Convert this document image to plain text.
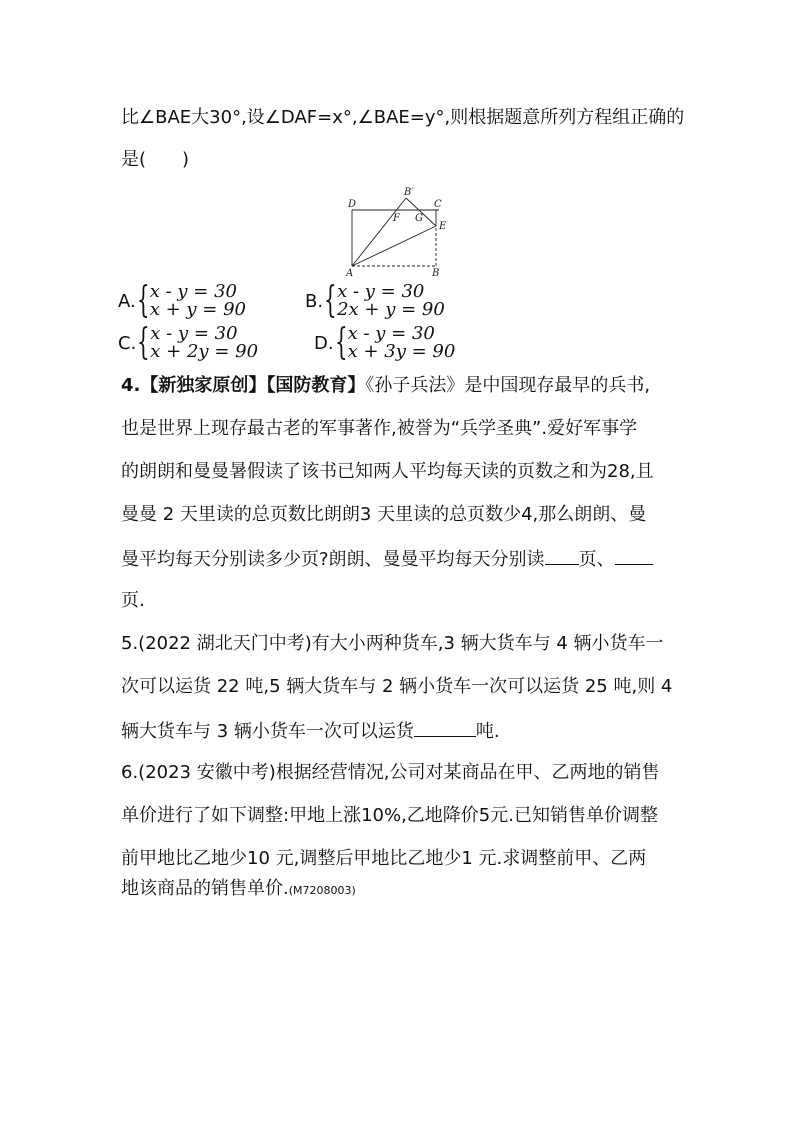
比∠BAE大30°,设∠DAF=x°,∠BAE=y°,则根据题意所列方程组正确的
是(　　)
D
B′
C
F G
E
A	B
A. { x - y = 30
x + y = 90	B. { x - y = 30
2x + y = 90
C. { x - y = 30
x + 2y = 90	D. { x - y = 30
x + 3y = 90
4.【新独家原创】【国防教育】《孙子兵法》是中国现存最早的兵书,
也是世界上现存最古老的军事著作,被誉为“兵学圣典”.爱好军事学
的朗朗和曼曼暑假读了该书已知两人平均每天读的页数之和为28,且
曼曼 2 天里读的总页数比朗朗3 天里读的总页数少4,那么朗朗、曼
曼平均每天分别读多少页?朗朗、曼曼平均每天分别读 页、
页.
5.(2022 湖北天门中考)有大小两种货车,3 辆大货车与 4 辆小货车一
次可以运货 22 吨,5 辆大货车与 2 辆小货车一次可以运货 25 吨,则 4
辆大货车与 3 辆小货车一次可以运货	吨.
6.(2023 安徽中考)根据经营情况,公司对某商品在甲、乙两地的销售
单价进行了如下调整:甲地上涨10%,乙地降价5元.已知销售单价调整
前甲地比乙地少10 元,调整后甲地比乙地少1 元.求调整前甲、乙两
地该商品的销售单价.(M7208003)
